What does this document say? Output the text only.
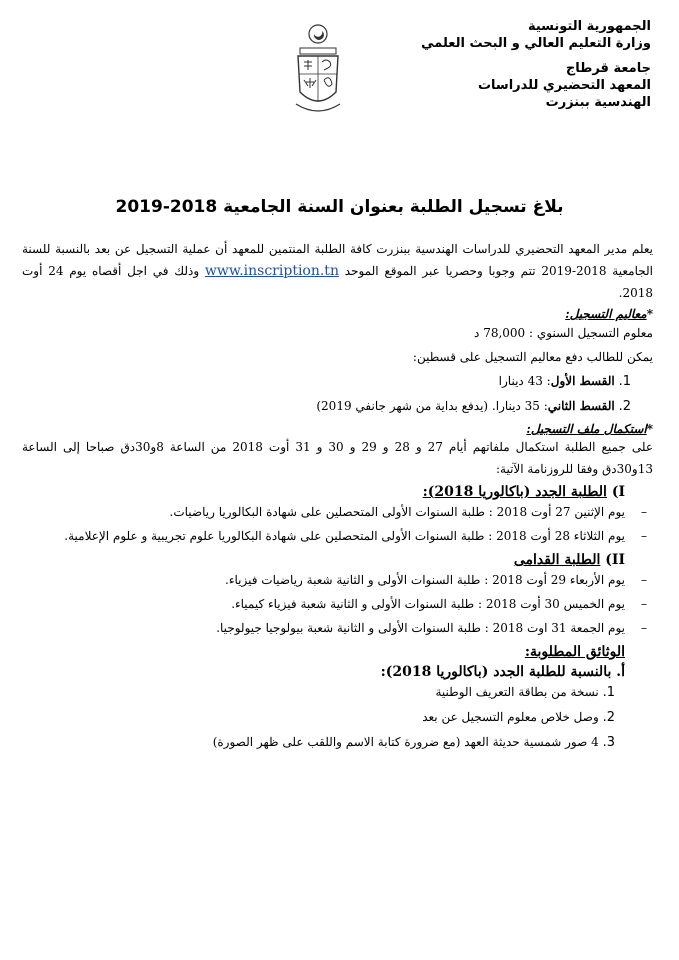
الجمهورية التونسية
وزارة التعليم العالي و البحث العلمي
جامعة قرطاج
المعهد التحضيري للدراسات
الهندسية ببنزرت
بلاغ تسجيل الطلبة بعنوان السنة الجامعية 2018-2019
يعلم مدير المعهد التحضيري للدراسات الهندسية ببنزرت كافة الطلبة المنتمين للمعهد أن عملية التسجيل عن بعد بالنسبة للسنة الجامعية 2018-2019 تتم وجوبا وحصريا عبر الموقع الموحد www.inscription.tn وذلك في اجل أقصاه يوم 24 أوت 2018.
*معاليم التسجيل:
معلوم التسجيل السنوي : 78,000 د
يمكن للطالب دفع معاليم التسجيل على قسطين:
1. القسط الأول: 43 دينارا
2. القسط الثاني: 35 دينارا. (يدفع بداية من شهر جانفي 2019)
*استكمال ملف التسجيل:
على جميع الطلبة استكمال ملفاتهم أيام 27 و 28 و 29 و 30 و 31 أوت 2018 من الساعة 8و30دق صباحا إلى الساعة 13و30دق وفقا للروزنامة الآتية:
I) الطلبة الجدد (باكالوريا 2018):
–
يوم الإثنين 27 أوت 2018 : طلبة السنوات الأولى المتحصلين على شهادة البكالوريا رياضيات.
–
يوم الثلاثاء 28 أوت 2018 : طلبة السنوات الأولى المتحصلين على شهادة البكالوريا علوم تجريبية و علوم الإعلامية.
II) الطلبة القدامى
–
يوم الأربعاء 29 أوت 2018 : طلبة السنوات الأولى و الثانية شعبة رياضيات فيزياء.
–
يوم الخميس 30 أوت 2018 : طلبة السنوات الأولى و الثانية شعبة فيزياء كيمياء.
–
يوم الجمعة 31 اوت 2018 : طلبة السنوات الأولى و الثانية شعبة بيولوجيا جيولوجيا.
الوثائق المطلوبة:
أ. بالنسبة للطلبة الجدد (باكالوريا 2018):
1. نسخة من بطاقة التعريف الوطنية
2. وصل خلاص معلوم التسجيل عن بعد
3. 4 صور شمسية حديثة العهد (مع ضرورة كتابة الاسم واللقب على ظهر الصورة)
